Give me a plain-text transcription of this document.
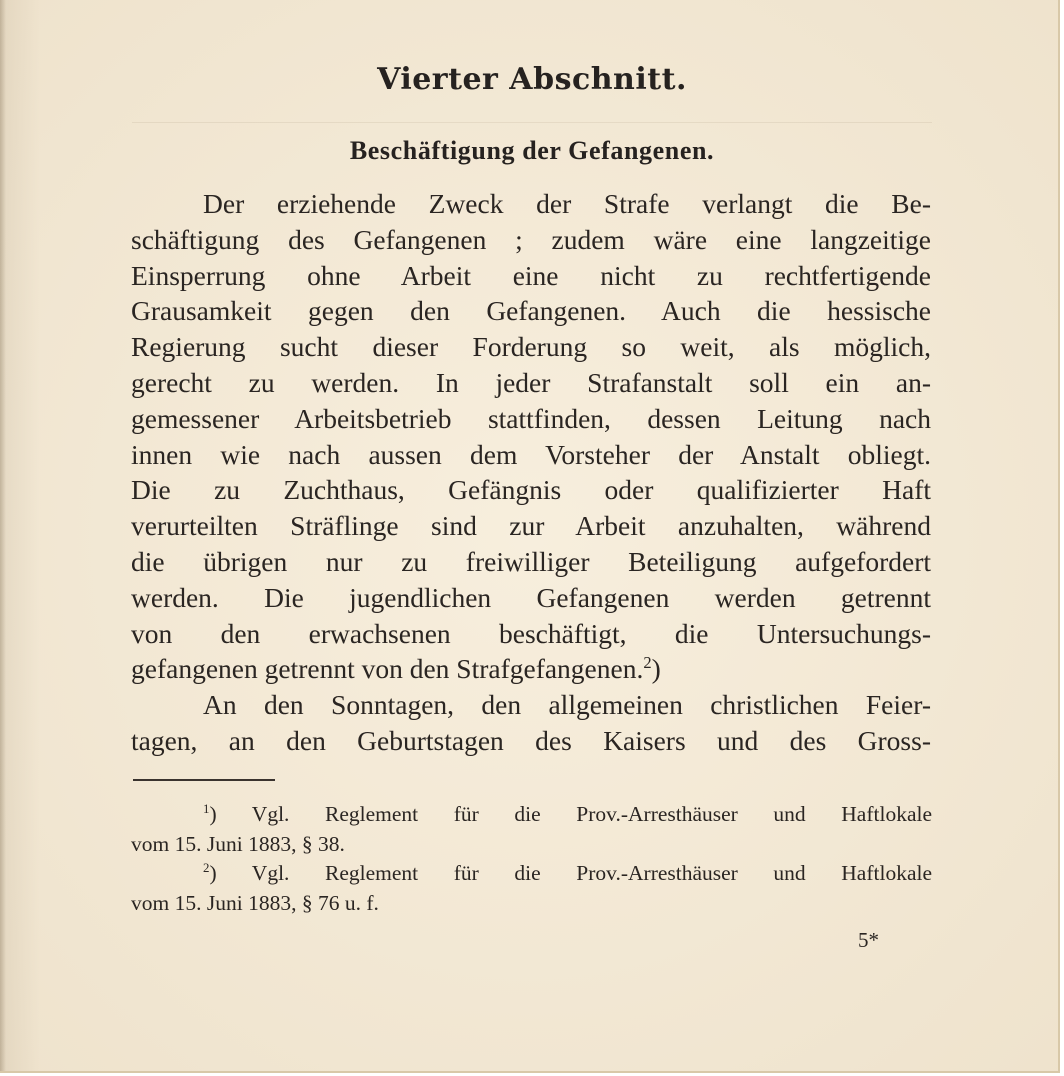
Vierter Abschnitt.
Beschäftigung der Gefangenen.
Der erziehende Zweck der Strafe verlangt die Be-
schäftigung des Gefangenen ; zudem wäre eine langzeitige
Einsperrung ohne Arbeit eine nicht zu rechtfertigende
Grausamkeit gegen den Gefangenen. Auch die hessische
Regierung sucht dieser Forderung so weit, als möglich,
gerecht zu werden. In jeder Strafanstalt soll ein an-
gemessener Arbeitsbetrieb stattfinden, dessen Leitung nach
innen wie nach aussen dem Vorsteher der Anstalt obliegt.
Die zu Zuchthaus, Gefängnis oder qualifizierter Haft
verurteilten Sträflinge sind zur Arbeit anzuhalten, während
die übrigen nur zu freiwilliger Beteiligung aufgefordert
werden. Die jugendlichen Gefangenen werden getrennt
von den erwachsenen beschäftigt, die Untersuchungs-
gefangenen getrennt von den Strafgefangenen.$^2$)
An den Sonntagen, den allgemeinen christlichen Feier-
tagen, an den Geburtstagen des Kaisers und des Gross-
$^1$) Vgl. Reglement für die Prov.-Arresthäuser und Haftlokale
vom 15. Juni 1883, § 38.
$^2$) Vgl. Reglement für die Prov.-Arresthäuser und Haftlokale
vom 15. Juni 1883, § 76 u. f.
5*
